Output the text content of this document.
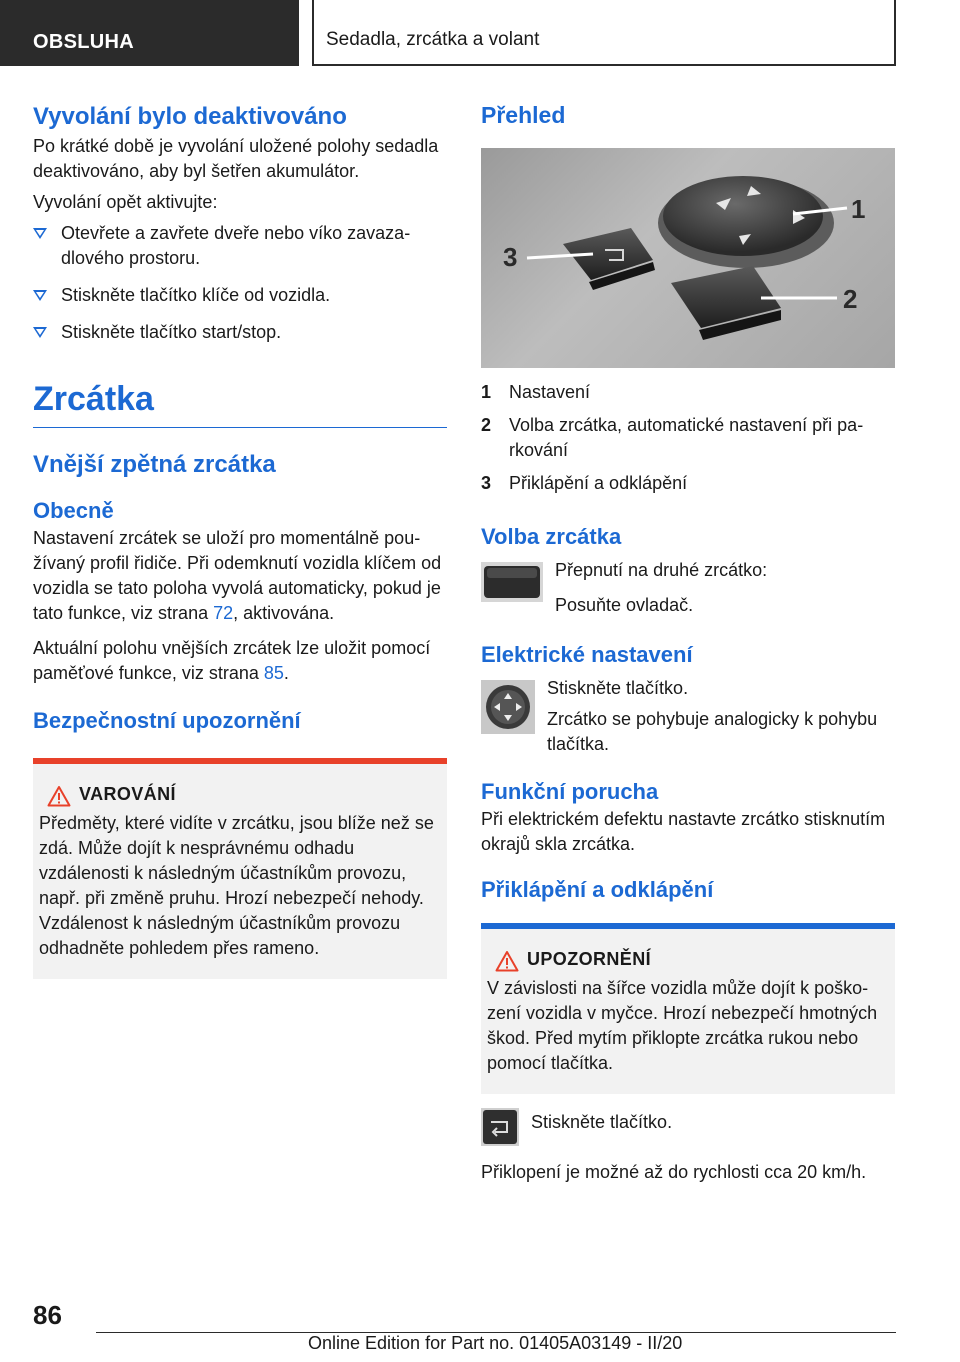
OBSLUHA	Sedadla, zrcátka a volant
Vyvolání bylo deaktivováno

Po krátké době je vyvolání uložené polohy sedadla deaktivováno, aby byl šetřen akumulátor.

Vyvolání opět aktivujte:

Otevřete a zavřete dveře nebo víko zavazadlového prostoru.
Stiskněte tlačítko klíče od vozidla.
Stiskněte tlačítko start/stop.
Zrcátka
Vnější zpětná zrcátka
Obecně

Nastavení zrcátek se uloží pro momentálně používaný profil řidiče. Při odemknutí vozidla klíčem od vozidla se tato poloha vyvolá automaticky, pokud je tato funkce, viz strana 72, aktivována.

Aktuální polohu vnějších zrcátek lze uložit pomocí paměťové funkce, viz strana 85.

Bezpečnostní upozornění
VAROVÁNÍ

Předměty, které vidíte v zrcátku, jsou blíže než se zdá. Může dojít k nesprávnému odhadu vzdálenosti k následným účastníkům provozu, např. při změně pruhu. Hrozí nebezpečí nehody. Vzdálenost k následným účastníkům provozu odhadněte pohledem přes rameno.

Přehled
1
2
3
1 Nastavení
2 Volba zrcátka, automatické nastavení při parkování
3 Přiklápění a odklápění
Volba zrcátka

Přepnutí na druhé zrcátko:

Posuňte ovladač.

Elektrické nastavení

Stiskněte tlačítko.

Zrcátko se pohybuje analogicky k pohybu tlačítka.

Funkční porucha

Při elektrickém defektu nastavte zrcátko stisknutím okrajů skla zrcátka.

Přiklápění a odklápění
UPOZORNĚNÍ

V závislosti na šířce vozidla může dojít k poškození vozidla v myčce. Hrozí nebezpečí hmotných škod. Před mytím přiklopte zrcátka rukou nebo pomocí tlačítka.

Stiskněte tlačítko.

Přiklopení je možné až do rychlosti cca 20 km/h.

86
Online Edition for Part no. 01405A03149 - II/20
